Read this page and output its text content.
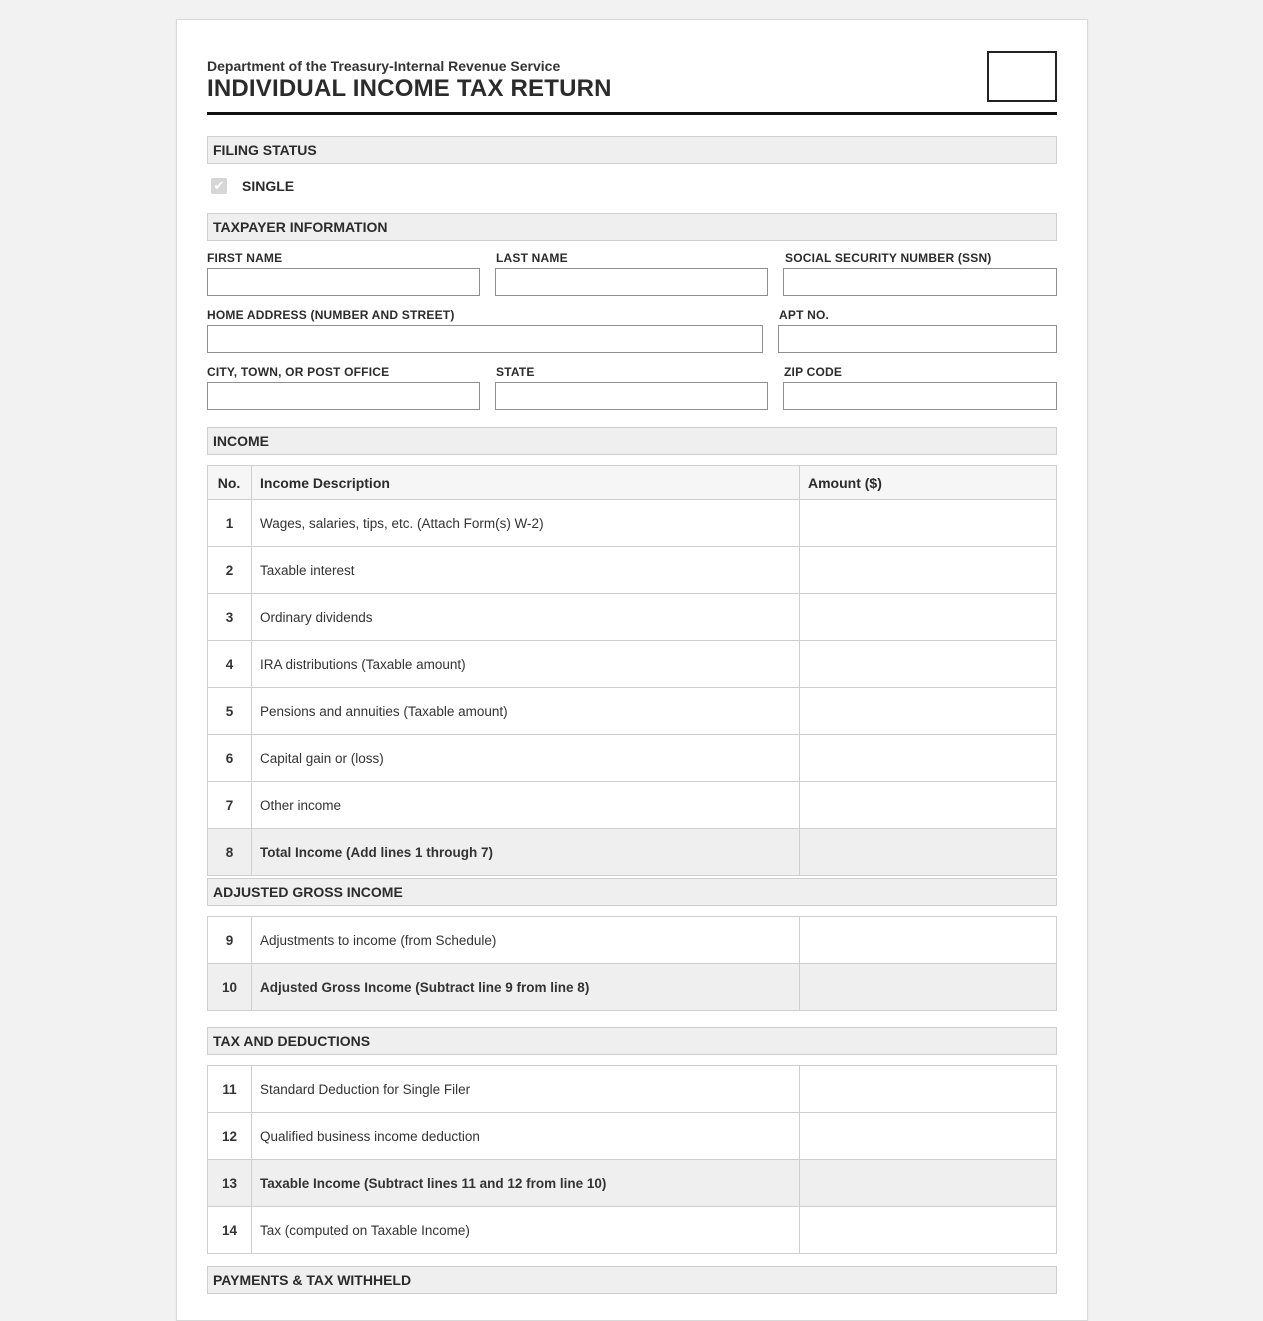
Department of the Treasury-Internal Revenue Service
INDIVIDUAL INCOME TAX RETURN
FILING STATUS
✔ SINGLE
TAXPAYER INFORMATION
FIRST NAME	LAST NAME	SOCIAL SECURITY NUMBER (SSN)
HOME ADDRESS (NUMBER AND STREET)	APT NO.
CITY, TOWN, OR POST OFFICE	STATE	ZIP CODE
INCOME
No.	Income Description	Amount ($)
1	Wages, salaries, tips, etc. (Attach Form(s) W-2)	
2	Taxable interest	
3	Ordinary dividends	
4	IRA distributions (Taxable amount)	
5	Pensions and annuities (Taxable amount)	
6	Capital gain or (loss)	
7	Other income	
8	Total Income (Add lines 1 through 7)	
ADJUSTED GROSS INCOME
9	Adjustments to income (from Schedule)	
10	Adjusted Gross Income (Subtract line 9 from line 8)	
TAX AND DEDUCTIONS
11	Standard Deduction for Single Filer	
12	Qualified business income deduction	
13	Taxable Income (Subtract lines 11 and 12 from line 10)	
14	Tax (computed on Taxable Income)	
PAYMENTS & TAX WITHHELD
